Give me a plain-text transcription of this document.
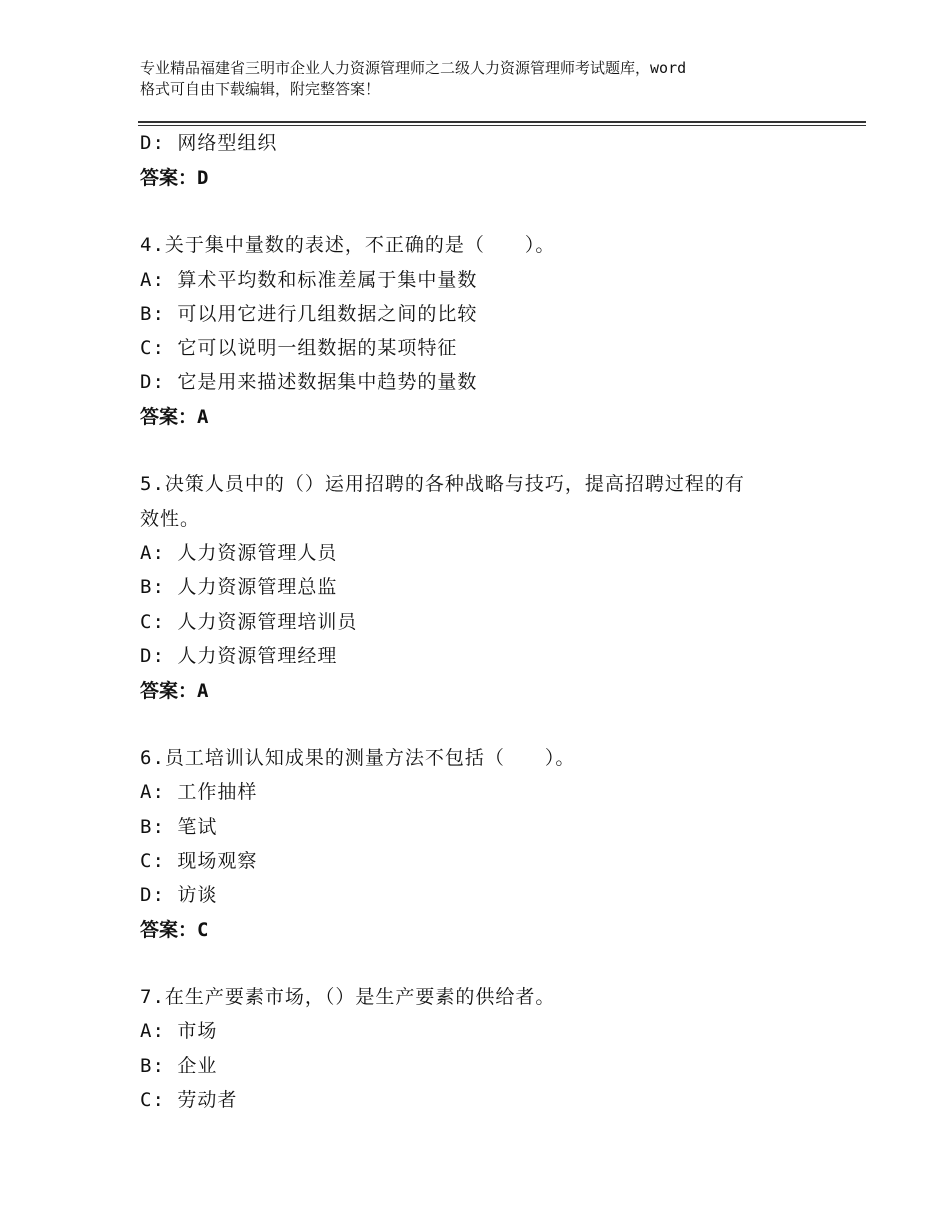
专业精品福建省三明市企业人力资源管理师之二级人力资源管理师考试题库，word
格式可自由下载编辑，附完整答案！
D: 网络型组织
答案：D
4.关于集中量数的表述，不正确的是（　　）。
A: 算术平均数和标准差属于集中量数
B: 可以用它进行几组数据之间的比较
C: 它可以说明一组数据的某项特征
D: 它是用来描述数据集中趋势的量数
答案：A
5.决策人员中的（）运用招聘的各种战略与技巧，提高招聘过程的有
效性。
A: 人力资源管理人员
B: 人力资源管理总监
C: 人力资源管理培训员
D: 人力资源管理经理
答案：A
6.员工培训认知成果的测量方法不包括（　　）。
A: 工作抽样
B: 笔试
C: 现场观察
D: 访谈
答案：C
7.在生产要素市场，（）是生产要素的供给者。
A: 市场
B: 企业
C: 劳动者
